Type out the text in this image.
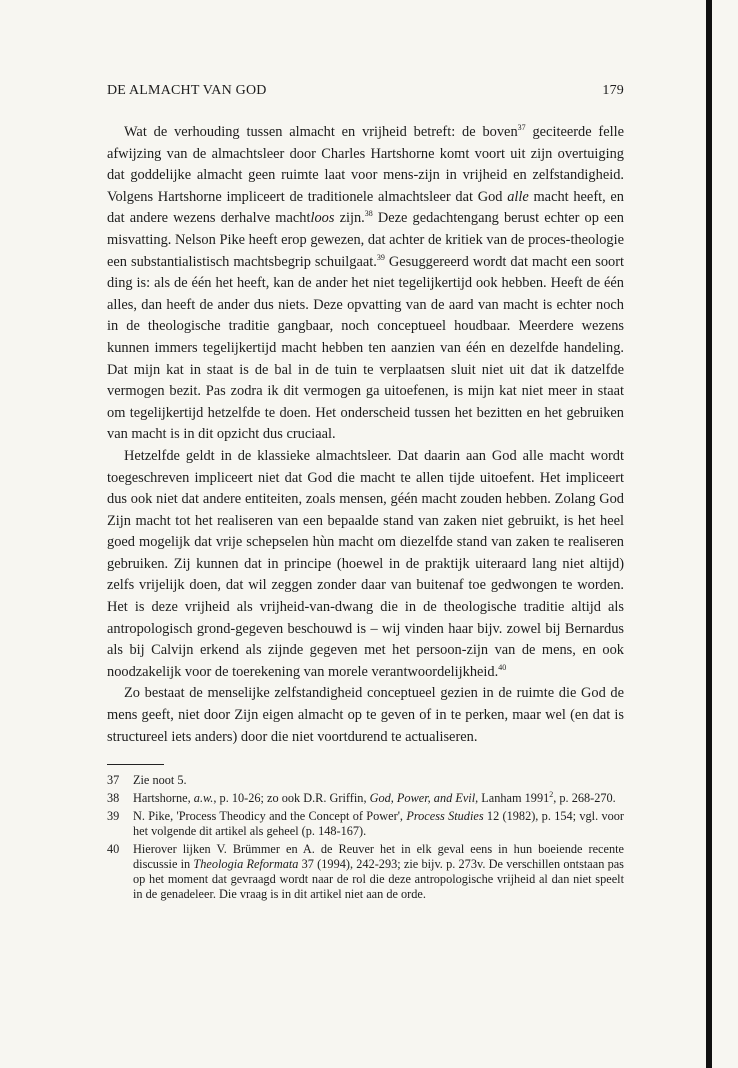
DE ALMACHT VAN GOD	179

Wat de verhouding tussen almacht en vrijheid betreft: de boven$^{37}$ geciteerde felle afwijzing van de almachtsleer door Charles Hartshorne komt voort uit zijn overtuiging dat goddelijke almacht geen ruimte laat voor mens-zijn in vrijheid en zelfstandigheid. Volgens Hartshorne impliceert de traditionele almachtsleer dat God alle macht heeft, en dat andere wezens derhalve machtloos zijn.$^{38}$ Deze gedachtengang berust echter op een misvatting. Nelson Pike heeft erop gewezen, dat achter de kritiek van de proces-theologie een substantialistisch machtsbegrip schuilgaat.$^{39}$ Gesuggereerd wordt dat macht een soort ding is: als de één het heeft, kan de ander het niet tegelijkertijd ook hebben. Heeft de één alles, dan heeft de ander dus niets. Deze opvatting van de aard van macht is echter noch in de theologische traditie gangbaar, noch conceptueel houdbaar. Meerdere wezens kunnen immers tegelijkertijd macht hebben ten aanzien van één en dezelfde handeling. Dat mijn kat in staat is de bal in de tuin te verplaatsen sluit niet uit dat ik datzelfde vermogen bezit. Pas zodra ik dit vermogen ga uitoefenen, is mijn kat niet meer in staat om tegelijkertijd hetzelfde te doen. Het onderscheid tussen het bezitten en het gebruiken van macht is in dit opzicht dus cruciaal.

Hetzelfde geldt in de klassieke almachtsleer. Dat daarin aan God alle macht wordt toegeschreven impliceert niet dat God die macht te allen tijde uitoefent. Het impliceert dus ook niet dat andere entiteiten, zoals mensen, géén macht zouden hebben. Zolang God Zijn macht tot het realiseren van een bepaalde stand van zaken niet gebruikt, is het heel goed mogelijk dat vrije schepselen hùn macht om diezelfde stand van zaken te realiseren gebruiken. Zij kunnen dat in principe (hoewel in de praktijk uiteraard lang niet altijd) zelfs vrijelijk doen, dat wil zeggen zonder daar van buitenaf toe gedwongen te worden. Het is deze vrijheid als vrijheid-van-dwang die in de theologische traditie altijd als antropologisch grond-gegeven beschouwd is – wij vinden haar bijv. zowel bij Bernardus als bij Calvijn erkend als zijnde gegeven met het persoon-zijn van de mens, en ook noodzakelijk voor de toerekening van morele verantwoordelijkheid.$^{40}$

Zo bestaat de menselijke zelfstandigheid conceptueel gezien in de ruimte die God de mens geeft, niet door Zijn eigen almacht op te geven of in te perken, maar wel (en dat is structureel iets anders) door die niet voortdurend te actualiseren.

37	Zie noot 5.
38	Hartshorne, a.w., p. 10-26; zo ook D.R. Griffin, God, Power, and Evil, Lanham 1991$^2$, p. 268-270.
39	N. Pike, 'Process Theodicy and the Concept of Power', Process Studies 12 (1982), p. 154; vgl. voor het volgende dit artikel als geheel (p. 148-167).
40	Hierover lijken V. Brümmer en A. de Reuver het in elk geval eens in hun boeiende recente discussie in Theologia Reformata 37 (1994), 242-293; zie bijv. p. 273v. De verschillen ontstaan pas op het moment dat gevraagd wordt naar de rol die deze antropologische vrijheid al dan niet speelt in de genadeleer. Die vraag is in dit artikel niet aan de orde.
